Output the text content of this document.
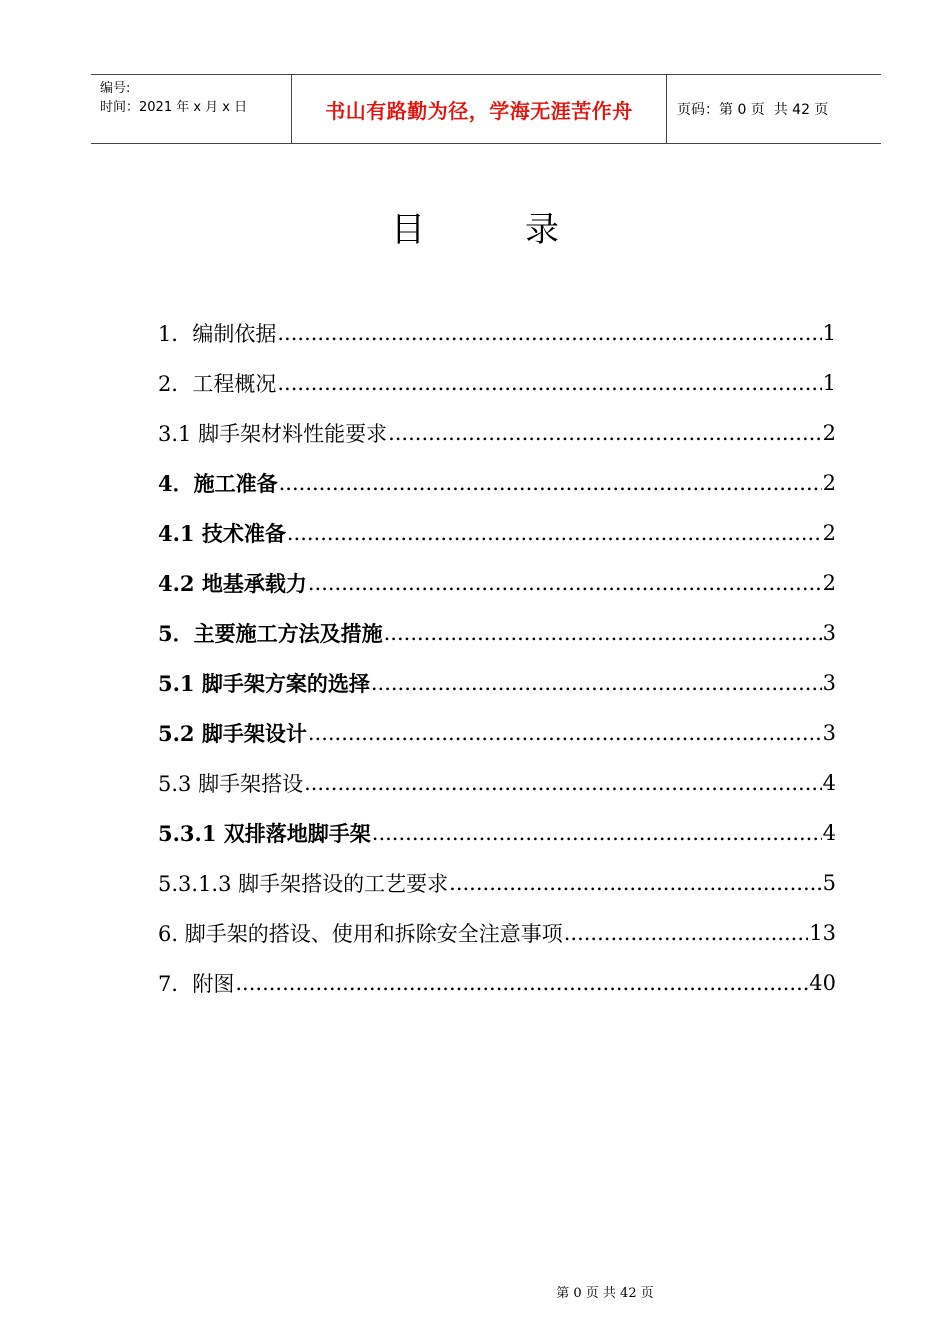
编号:
时间：2021 年 x 月 x 日	书山有路勤为径，学海无涯苦作舟	页码：第 0 页  共 42 页
目	录
1．编制依据 .....	1
2．工程概况 .....	1
3.1 脚手架材料性能要求 .....	2
4．施工准备 .....	2
4.1 技术准备 .....	2
4.2 地基承载力 .....	2
5．主要施工方法及措施 .....	3
5.1 脚手架方案的选择 .....	3
5.2 脚手架设计 .....	3
5.3 脚手架搭设 .....	4
5.3.1 双排落地脚手架 .....	4
5.3.1.3 脚手架搭设的工艺要求 .....	5
6. 脚手架的搭设、使用和拆除安全注意事项 .....	13
7．附图 .....	40
第 0 页 共 42 页
